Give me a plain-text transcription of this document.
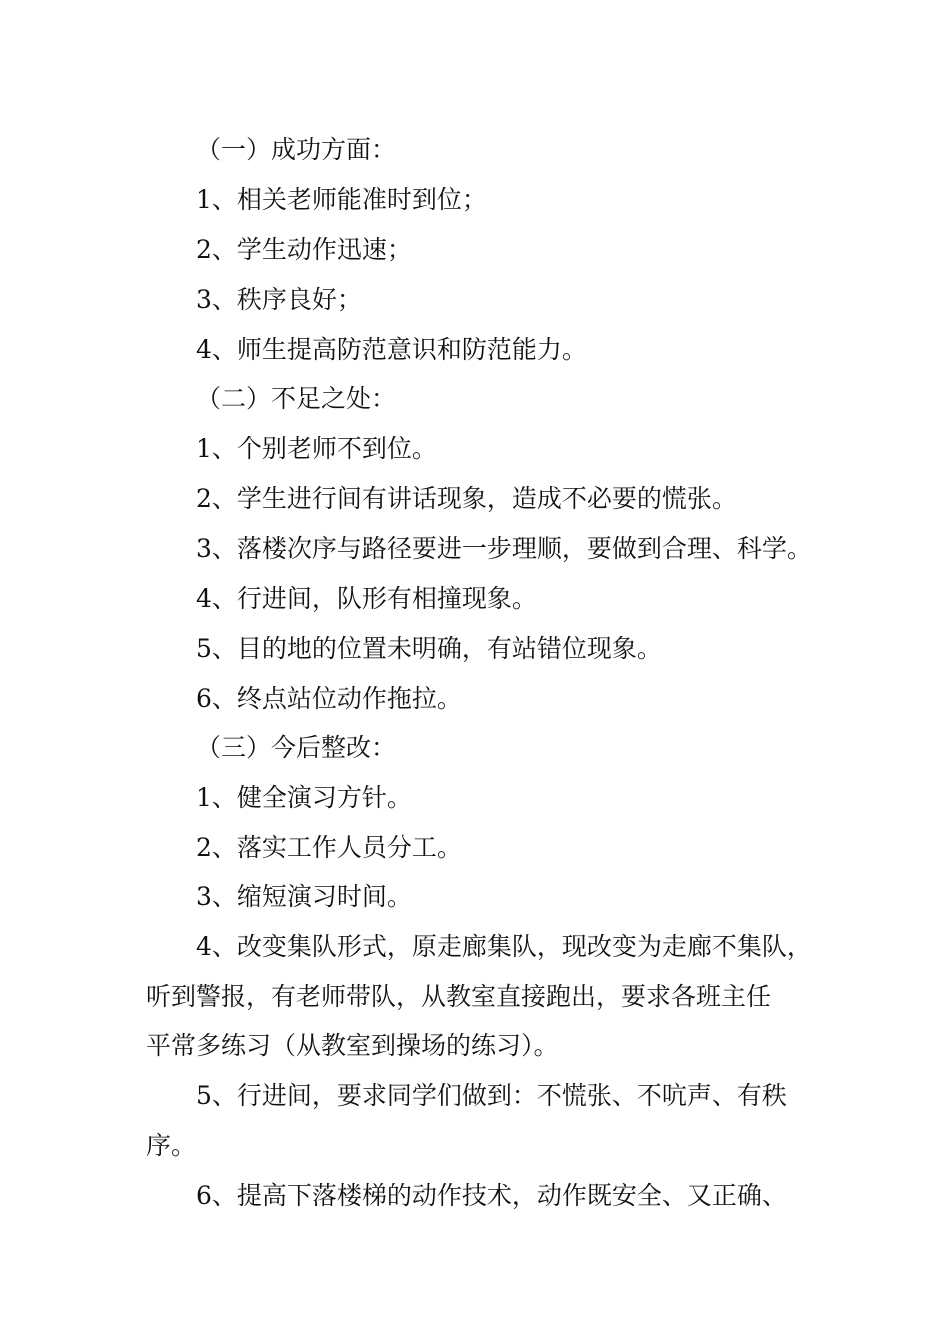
（一）成功方面：

1、相关老师能准时到位；

2、学生动作迅速；

3、秩序良好；

4、师生提高防范意识和防范能力。

（二）不足之处：

1、个别老师不到位。

2、学生进行间有讲话现象，造成不必要的慌张。

3、落楼次序与路径要进一步理顺，要做到合理、科学。

4、行进间，队形有相撞现象。

5、目的地的位置未明确，有站错位现象。

6、终点站位动作拖拉。

（三）今后整改：

1、健全演习方针。

2、落实工作人员分工。

3、缩短演习时间。

4、改变集队形式，原走廊集队，现改变为走廊不集队，

听到警报，有老师带队，从教室直接跑出，要求各班主任

平常多练习（从教室到操场的练习）。

5、行进间，要求同学们做到：不慌张、不吭声、有秩

序。

6、提高下落楼梯的动作技术，动作既安全、又正确、
